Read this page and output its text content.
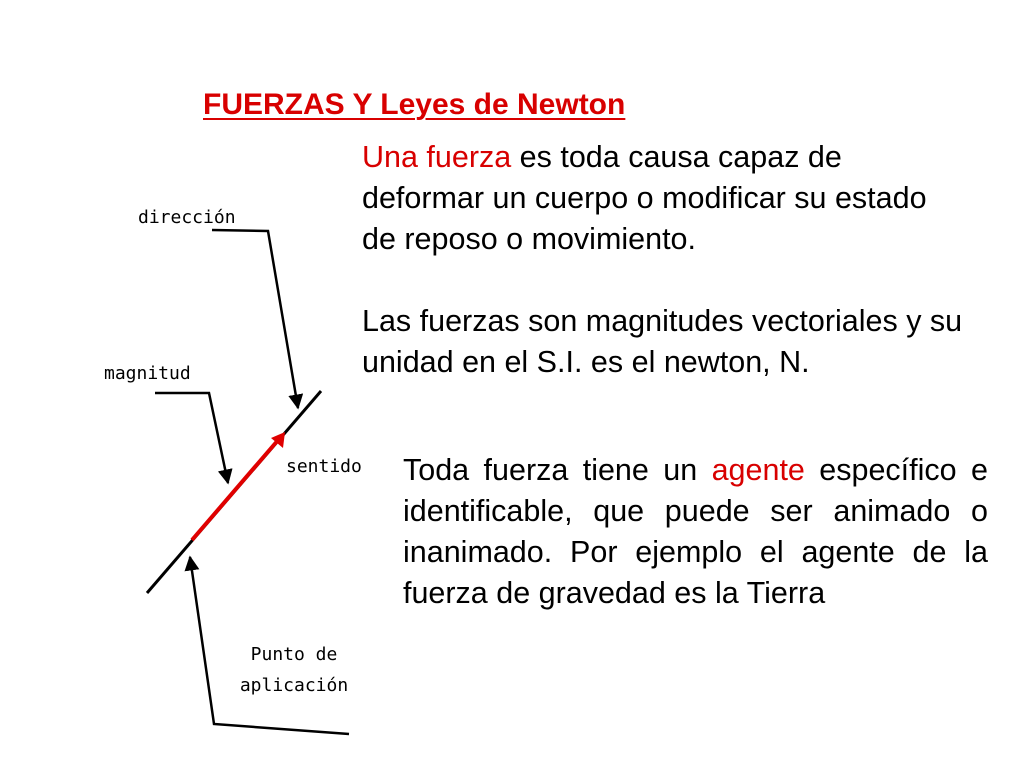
FUERZAS Y Leyes de Newton

Una fuerza es toda causa capaz de deformar un cuerpo o modificar su estado de reposo o movimiento.

Las fuerzas son magnitudes vectoriales y su unidad en el S.I. es el newton, N.

Toda fuerza tiene un agente específico e identificable, que puede ser animado o inanimado. Por ejemplo el agente de la fuerza de gravedad es la Tierra

dirección
magnitud
sentido
Punto de aplicación
